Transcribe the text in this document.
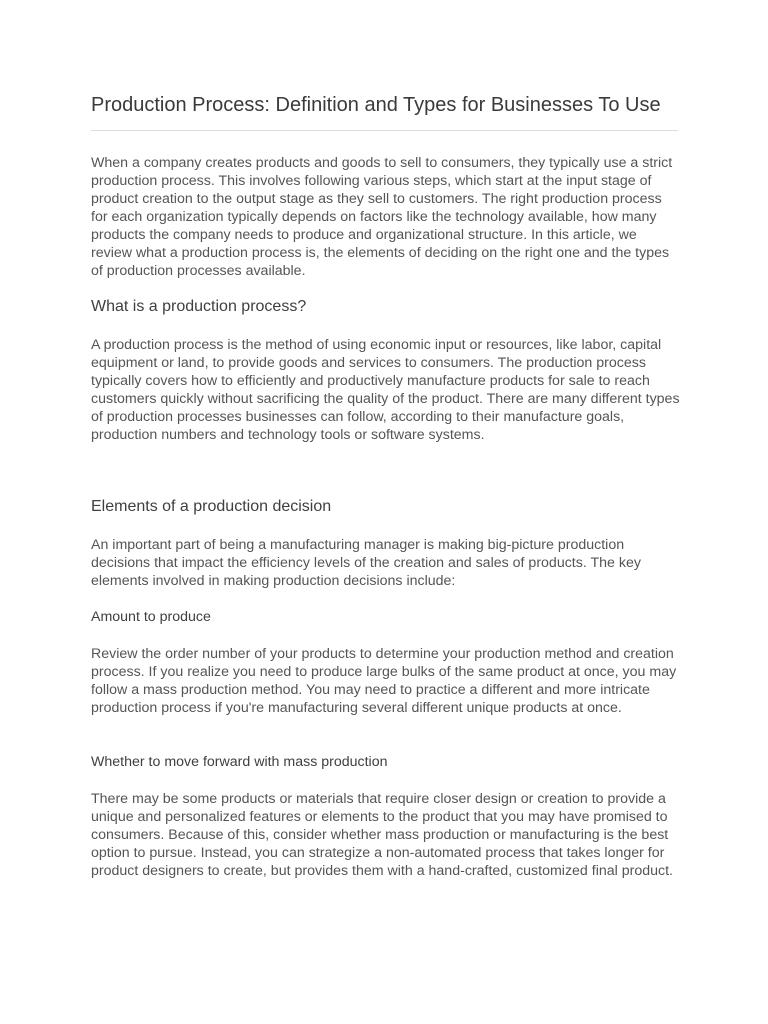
Production Process: Definition and Types for Businesses To Use

When a company creates products and goods to sell to consumers, they typically use a strict production process. This involves following various steps, which start at the input stage of product creation to the output stage as they sell to customers. The right production process for each organization typically depends on factors like the technology available, how many products the company needs to produce and organizational structure. In this article, we review what a production process is, the elements of deciding on the right one and the types of production processes available.

What is a production process?

A production process is the method of using economic input or resources, like labor, capital equipment or land, to provide goods and services to consumers. The production process typically covers how to efficiently and productively manufacture products for sale to reach customers quickly without sacrificing the quality of the product. There are many different types of production processes businesses can follow, according to their manufacture goals, production numbers and technology tools or software systems.

Elements of a production decision

An important part of being a manufacturing manager is making big-picture production decisions that impact the efficiency levels of the creation and sales of products. The key elements involved in making production decisions include:

Amount to produce

Review the order number of your products to determine your production method and creation process. If you realize you need to produce large bulks of the same product at once, you may follow a mass production method. You may need to practice a different and more intricate production process if you're manufacturing several different unique products at once.

Whether to move forward with mass production

There may be some products or materials that require closer design or creation to provide a unique and personalized features or elements to the product that you may have promised to consumers. Because of this, consider whether mass production or manufacturing is the best option to pursue. Instead, you can strategize a non-automated process that takes longer for product designers to create, but provides them with a hand-crafted, customized final product.
